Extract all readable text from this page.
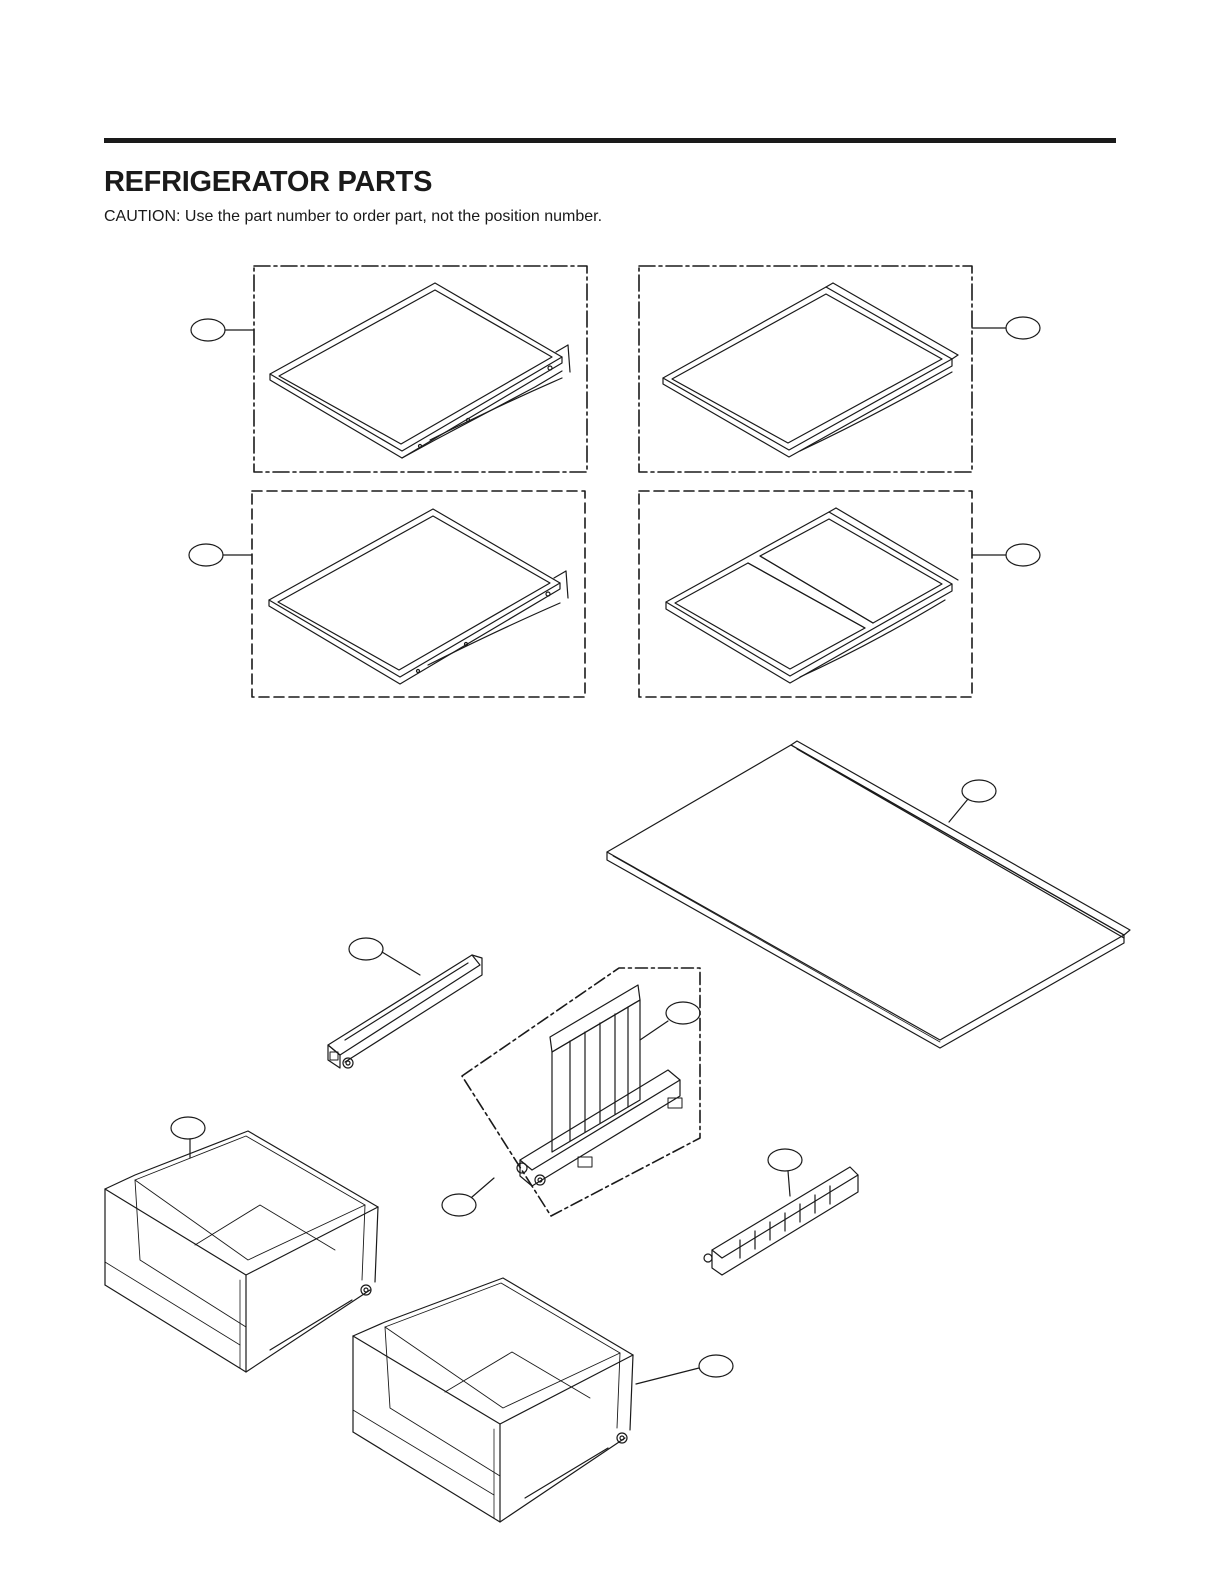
REFRIGERATOR PARTS

CAUTION: Use the part number to order part, not the position number.
